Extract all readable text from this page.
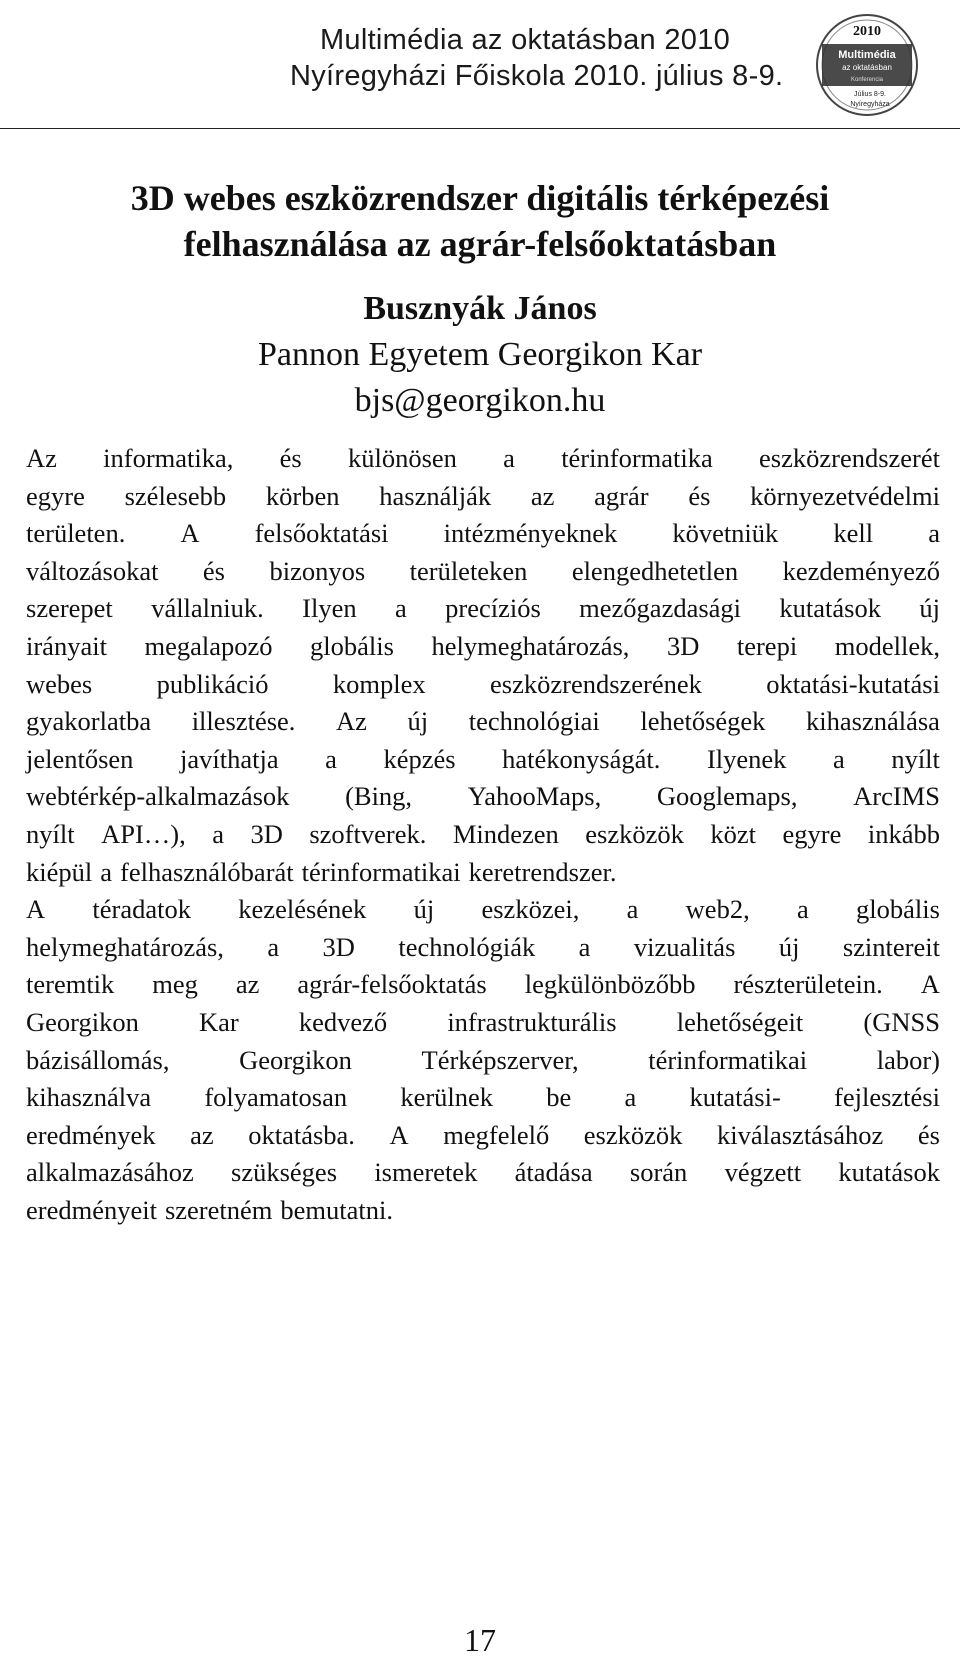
Multimédia az oktatásban 2010
Nyíregyházi Főiskola 2010. július 8-9.
2010
Multimédia
az oktatásban
Konferencia
Július 8-9.
Nyíregyháza
3D webes eszközrendszer digitális térképezési
felhasználása az agrár-felsőoktatásban
Busznyák János
Pannon Egyetem Georgikon Kar
bjs@georgikon.hu
Az informatika, és különösen a térinformatika eszközrendszerét
egyre szélesebb körben használják az agrár és környezetvédelmi
területen. A felsőoktatási intézményeknek követniük kell a
változásokat és bizonyos területeken elengedhetetlen kezdeményező
szerepet vállalniuk. Ilyen a precíziós mezőgazdasági kutatások új
irányait megalapozó globális helymeghatározás, 3D terepi modellek,
webes publikáció komplex eszközrendszerének oktatási-kutatási
gyakorlatba illesztése. Az új technológiai lehetőségek kihasználása
jelentősen javíthatja a képzés hatékonyságát. Ilyenek a nyílt
webtérkép-alkalmazások (Bing, YahooMaps, Googlemaps, ArcIMS
nyílt API…), a 3D szoftverek. Mindezen eszközök közt egyre inkább
kiépül a felhasználóbarát térinformatikai keretrendszer.
A téradatok kezelésének új eszközei, a web2, a globális
helymeghatározás, a 3D technológiák a vizualitás új szintereit
teremtik meg az agrár-felsőoktatás legkülönbözőbb részterületein. A
Georgikon Kar kedvező infrastrukturális lehetőségeit (GNSS
bázisállomás,	Georgikon	Térképszerver,	térinformatikai	labor)
kihasználva folyamatosan kerülnek be a kutatási- fejlesztési
eredmények az oktatásba. A megfelelő eszközök kiválasztásához és
alkalmazásához szükséges ismeretek átadása során végzett kutatások
eredményeit szeretném bemutatni.
17
